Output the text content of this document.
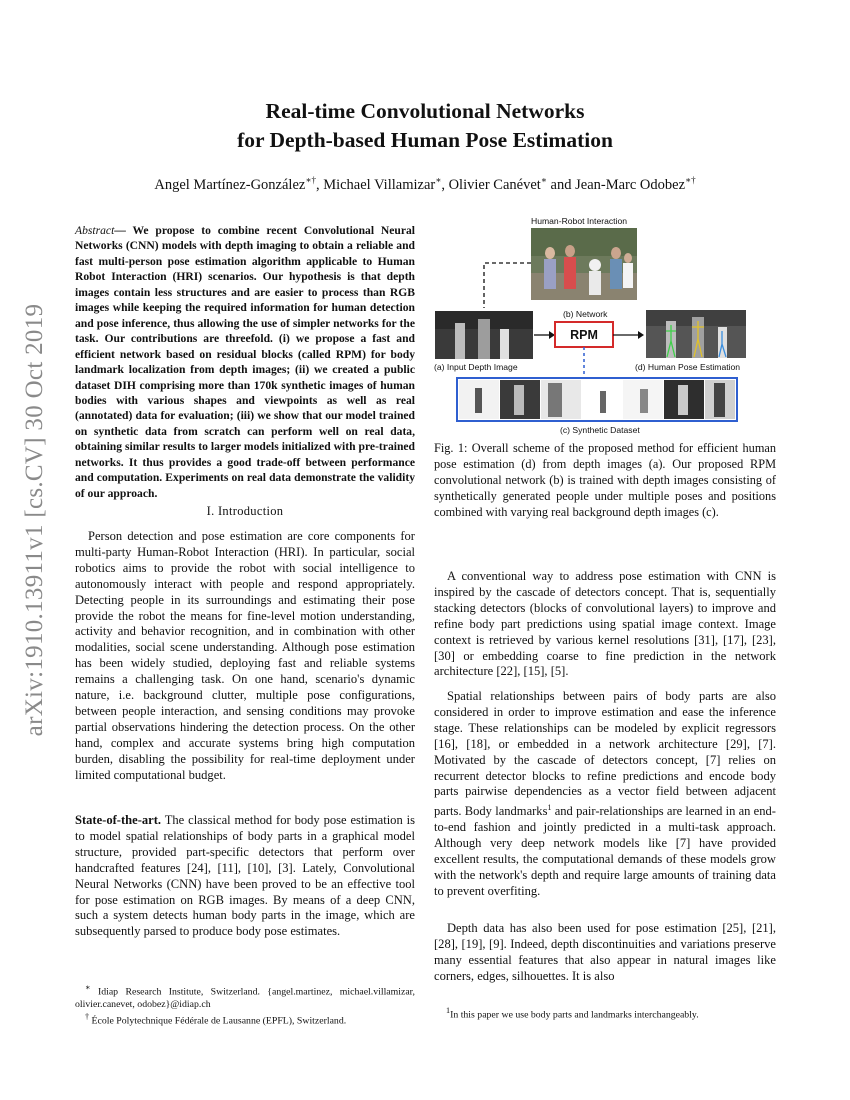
arXiv:1910.13911v1 [cs.CV] 30 Oct 2019
Real-time Convolutional Networks
for Depth-based Human Pose Estimation
Angel Martínez-González∗†, Michael Villamizar∗, Olivier Canévet∗ and Jean-Marc Odobez∗†
Abstract— We propose to combine recent Convolutional Neural Networks (CNN) models with depth imaging to obtain a reliable and fast multi-person pose estimation algorithm applicable to Human Robot Interaction (HRI) scenarios. Our hypothesis is that depth images contain less structures and are easier to process than RGB images while keeping the required information for human detection and pose inference, thus allowing the use of simpler networks for the task. Our contributions are threefold. (i) we propose a fast and efficient network based on residual blocks (called RPM) for body landmark localization from depth images; (ii) we created a public dataset DIH comprising more than 170k synthetic images of human bodies with various shapes and viewpoints as well as real (annotated) data for evaluation; (iii) we show that our model trained on synthetic data from scratch can perform well on real data, obtaining similar results to larger models initialized with pre-trained networks. It thus provides a good trade-off between performance and computation. Experiments on real data demonstrate the validity of our approach.
I. Introduction

Person detection and pose estimation are core components for multi-party Human-Robot Interaction (HRI). In particular, social robotics aims to provide the robot with social intelligence to autonomously interact with people and respond appropriately. Detecting people in its surroundings and estimating their pose provide the robot the means for fine-level motion understanding, activity and behavior recognition, and in combination with other modalities, social scene understanding. Although pose estimation has been widely studied, deploying fast and reliable systems remains a challenging task. On one hand, scenario's dynamic nature, i.e. background clutter, multiple pose configurations, between people interaction, and sensing conditions may provoke partial observations hindering the detection process. On the other hand, complex and accurate systems bring high computation burden, disabling the possibility for real-time deployment under limited computational budget.

State-of-the-art. The classical method for body pose estimation is to model spatial relationships of body parts in a graphical model structure, provided part-specific detectors that perform over handcrafted features [24], [11], [10], [3]. Lately, Convolutional Neural Networks (CNN) have been proved to be an effective tool for pose estimation on RGB images. By means of a deep CNN, such a system detects human body parts in the image, which are subsequently parsed to produce body pose estimates.

∗ Idiap Research Institute, Switzerland. {angel.martinez, michael.villamizar, olivier.canevet, odobez}@idiap.ch
† École Polytechnique Fédérale de Lausanne (EPFL), Switzerland.
Human-Robot Interaction
(a) Input Depth Image
(b) Network
RPM
(d) Human Pose Estimation
(c) Synthetic Dataset
Fig. 1: Overall scheme of the proposed method for efficient human pose estimation (d) from depth images (a). Our proposed RPM convolutional network (b) is trained with depth images consisting of synthetically generated people under multiple poses and positions combined with varying real background depth images (c).

A conventional way to address pose estimation with CNN is inspired by the cascade of detectors concept. That is, sequentially stacking detectors (blocks of convolutional layers) to improve and refine body part predictions using spatial image context. Image context is retrieved by various kernel resolutions [31], [17], [23], [30] or embedding coarse to fine prediction in the network architecture [22], [15], [5].

Spatial relationships between pairs of body parts are also considered in order to improve estimation and ease the inference stage. These relationships can be modeled by explicit regressors [16], [18], or embedded in a network architecture [29], [7]. Motivated by the cascade of detectors concept, [7] relies on recurrent detector blocks to refine predictions and encode body parts pairwise dependencies as a vector field between adjacent parts. Body landmarks$^1$ and pair-relationships are learned in an end-to-end fashion and jointly predicted in a multi-task approach. Although very deep network models like [7] have provided excellent results, the computational demands of these models grow with the network's depth and require large amounts of training data to prevent overfiting.

Depth data has also been used for pose estimation [25], [21], [28], [19], [9]. Indeed, depth discontinuities and variations preserve many essential features that also appear in natural images like corners, edges, silhouettes. It is also

$^1$In this paper we use body parts and landmarks interchangeably.
